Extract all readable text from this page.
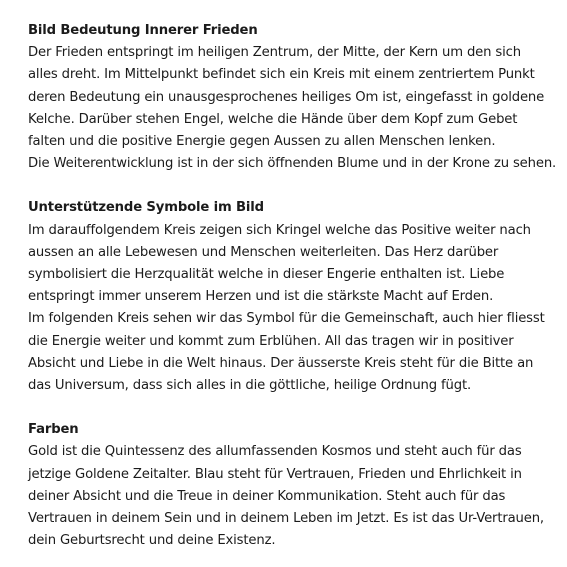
Bild Bedeutung Innerer Frieden
Der Frieden entspringt im heiligen Zentrum, der Mitte, der Kern um den sich
alles dreht. Im Mittelpunkt befindet sich ein Kreis mit einem zentriertem Punkt
deren Bedeutung ein unausgesprochenes heiliges Om ist, eingefasst in goldene
Kelche. Darüber stehen Engel, welche die Hände über dem Kopf zum Gebet
falten und die positive Energie gegen Aussen zu allen Menschen lenken.
Die Weiterentwicklung ist in der sich öffnenden Blume und in der Krone zu sehen.
Unterstützende Symbole im Bild
Im darauffolgendem Kreis zeigen sich Kringel welche das Positive weiter nach
aussen an alle Lebewesen und Menschen weiterleiten. Das Herz darüber
symbolisiert die Herzqualität welche in dieser Engerie enthalten ist. Liebe
entspringt immer unserem Herzen und ist die stärkste Macht auf Erden.
Im folgenden Kreis sehen wir das Symbol für die Gemeinschaft, auch hier fliesst
die Energie weiter und kommt zum Erblühen. All das tragen wir in positiver
Absicht und Liebe in die Welt hinaus. Der äusserste Kreis steht für die Bitte an
das Universum, dass sich alles in die göttliche, heilige Ordnung fügt.
Farben
Gold ist die Quintessenz des allumfassenden Kosmos und steht auch für das
jetzige Goldene Zeitalter. Blau steht für Vertrauen, Frieden und Ehrlichkeit in
deiner Absicht und die Treue in deiner Kommunikation. Steht auch für das
Vertrauen in deinem Sein und in deinem Leben im Jetzt. Es ist das Ur-Vertrauen,
dein Geburtsrecht und deine Existenz.
